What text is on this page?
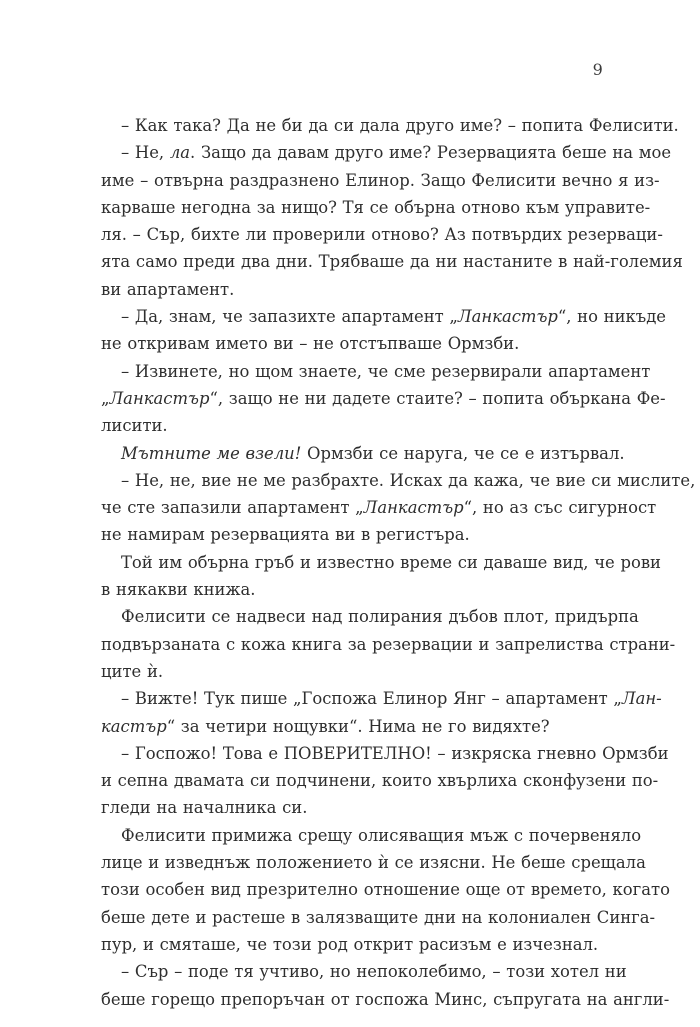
9
– Как така? Да не би да си дала друго име? – попита Фелисити.
– Не, ла. Защо да давам друго име? Резервацията беше на мое
име – отвърна раздразнено Елинор. Защо Фелисити вечно я из-
карваше негодна за нищо? Тя се обърна отново към управите-
ля. – Сър, бихте ли проверили отново? Аз потвърдих резерваци-
ята само преди два дни. Трябваше да ни настаните в най-големия
ви апартамент.
– Да, знам, че запазихте апартамент „Ланкастър“, но никъде
не откривам името ви – не отстъпваше Ормзби.
– Извинете, но щом знаете, че сме резервирали апартамент
„Ланкастър“, защо не ни дадете стаите? – попита объркана Фе-
лисити.
Мътните ме взели! Ормзби се наруга, че се е изтървал.
– Не, не, вие не ме разбрахте. Исках да кажа, че вие си мислите,
че сте запазили апартамент „Ланкастър“, но аз със сигурност
не намирам резервацията ви в регистъра.
Той им обърна гръб и известно време си даваше вид, че рови
в някакви книжа.
Фелисити се надвеси над полирания дъбов плот, придърпа
подвързаната с кожа книга за резервации и запрелиства страни-
ците ѝ.
– Вижте! Тук пише „Госпожа Елинор Янг – апартамент „Лан-
кастър“ за четири нощувки“. Нима не го видяхте?
– Госпожо! Това е ПОВЕРИТЕЛНО! – изкряска гневно Ормзби
и сепна двамата си подчинени, които хвърлиха сконфузени по-
гледи на началника си.
Фелисити примижа срещу олисяващия мъж с почервеняло
лице и изведнъж положението ѝ се изясни. Не беше срещала
този особен вид презрително отношение още от времето, когато
беше дете и растеше в залязващите дни на колониален Синга-
пур, и смяташе, че този род открит расизъм е изчезнал.
– Сър – поде тя учтиво, но непоколебимо, – този хотел ни
беше горещо препоръчан от госпожа Минс, съпругата на англи-
